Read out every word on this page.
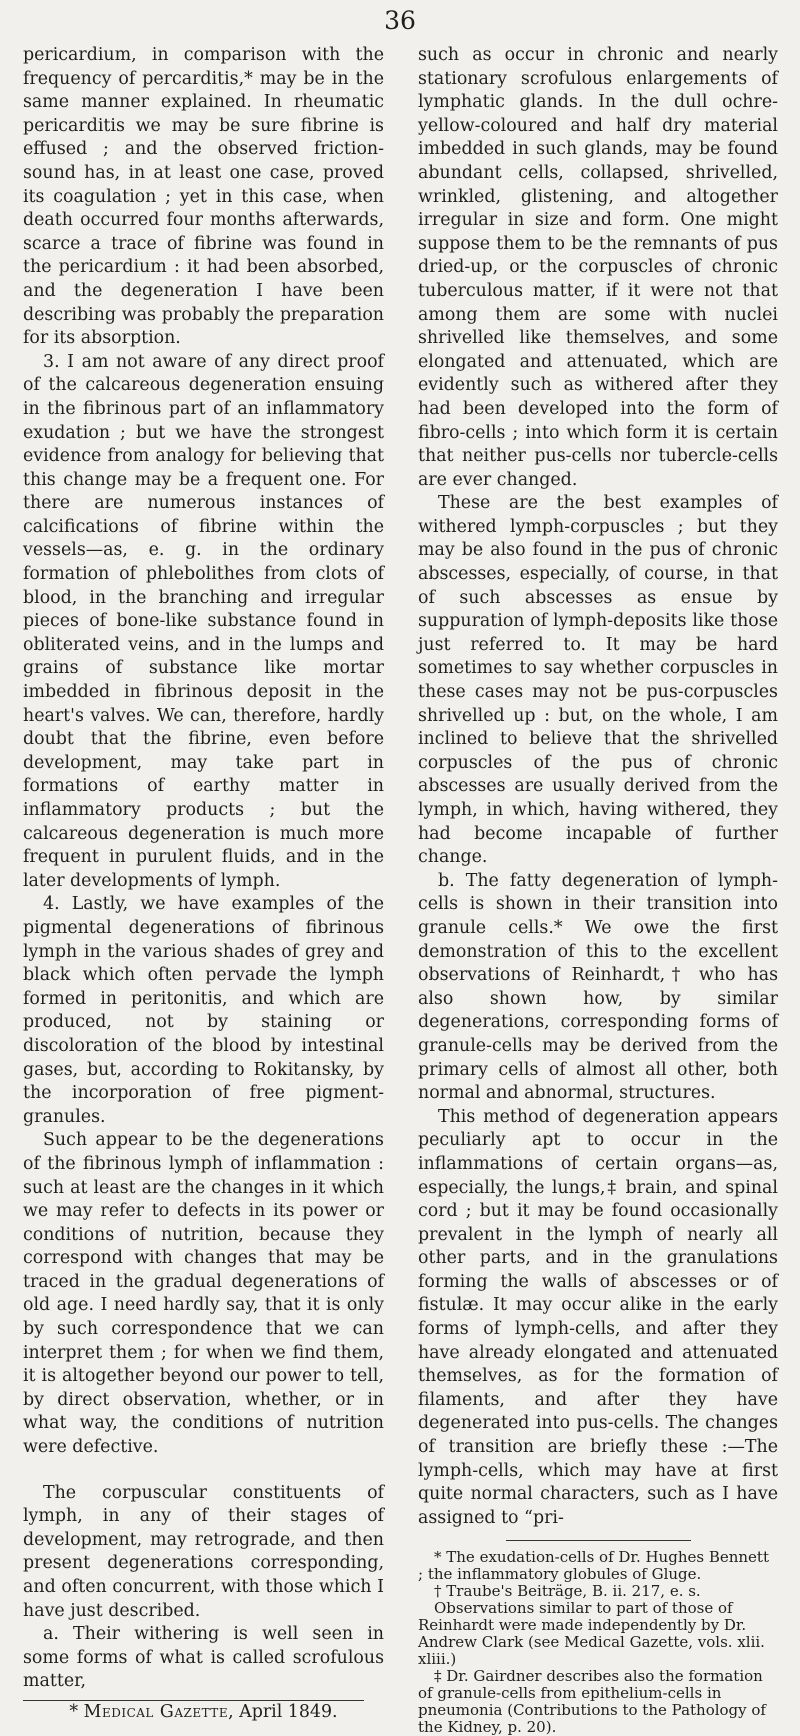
36

pericardium, in comparison with the frequency of percarditis,* may be in the same manner explained. In rheumatic pericarditis we may be sure fibrine is effused ; and the observed friction-sound has, in at least one case, proved its coagulation ; yet in this case, when death occurred four months afterwards, scarce a trace of fibrine was found in the pericardium : it had been absorbed, and the degeneration I have been describing was probably the preparation for its absorption.

3. I am not aware of any direct proof of the calcareous degeneration ensuing in the fibrinous part of an inflammatory exudation ; but we have the strongest evidence from analogy for believing that this change may be a frequent one. For there are numerous instances of calcifications of fibrine within the vessels—as, e. g. in the ordinary formation of phlebolithes from clots of blood, in the branching and irregular pieces of bone-like substance found in obliterated veins, and in the lumps and grains of substance like mortar imbedded in fibrinous deposit in the heart's valves. We can, therefore, hardly doubt that the fibrine, even before development, may take part in formations of earthy matter in inflammatory products ; but the calcareous degeneration is much more frequent in purulent fluids, and in the later developments of lymph.

4. Lastly, we have examples of the pigmental degenerations of fibrinous lymph in the various shades of grey and black which often pervade the lymph formed in peritonitis, and which are produced, not by staining or discoloration of the blood by intestinal gases, but, according to Rokitansky, by the incorporation of free pigment-granules.

Such appear to be the degenerations of the fibrinous lymph of inflammation : such at least are the changes in it which we may refer to defects in its power or conditions of nutrition, because they correspond with changes that may be traced in the gradual degenerations of old age. I need hardly say, that it is only by such correspondence that we can interpret them ; for when we find them, it is altogether beyond our power to tell, by direct observation, whether, or in what way, the conditions of nutrition were defective.

The corpuscular constituents of lymph, in any of their stages of development, may retrograde, and then present degenerations corresponding, and often concurrent, with those which I have just described.

a. Their withering is well seen in some forms of what is called scrofulous matter,

* Medical Gazette, April 1849.

such as occur in chronic and nearly stationary scrofulous enlargements of lymphatic glands. In the dull ochre-yellow-coloured and half dry material imbedded in such glands, may be found abundant cells, collapsed, shrivelled, wrinkled, glistening, and altogether irregular in size and form. One might suppose them to be the remnants of pus dried-up, or the corpuscles of chronic tuberculous matter, if it were not that among them are some with nuclei shrivelled like themselves, and some elongated and attenuated, which are evidently such as withered after they had been developed into the form of fibro-cells ; into which form it is certain that neither pus-cells nor tubercle-cells are ever changed.

These are the best examples of withered lymph-corpuscles ; but they may be also found in the pus of chronic abscesses, especially, of course, in that of such abscesses as ensue by suppuration of lymph-deposits like those just referred to. It may be hard sometimes to say whether corpuscles in these cases may not be pus-corpuscles shrivelled up : but, on the whole, I am inclined to believe that the shrivelled corpuscles of the pus of chronic abscesses are usually derived from the lymph, in which, having withered, they had become incapable of further change.

b. The fatty degeneration of lymph-cells is shown in their transition into granule cells.* We owe the first demonstration of this to the excellent observations of Reinhardt,† who has also shown how, by similar degenerations, corresponding forms of granule-cells may be derived from the primary cells of almost all other, both normal and abnormal, structures.

This method of degeneration appears peculiarly apt to occur in the inflammations of certain organs—as, especially, the lungs,‡ brain, and spinal cord ; but it may be found occasionally prevalent in the lymph of nearly all other parts, and in the granulations forming the walls of abscesses or of fistulæ. It may occur alike in the early forms of lymph-cells, and after they have already elongated and attenuated themselves, as for the formation of filaments, and after they have degenerated into pus-cells. The changes of transition are briefly these :—The lymph-cells, which may have at first quite normal characters, such as I have assigned to “pri-

* The exudation-cells of Dr. Hughes Bennett ; the inflammatory globules of Gluge.

† Traube's Beiträge, B. ii. 217, e. s.

Observations similar to part of those of Reinhardt were made independently by Dr. Andrew Clark (see Medical Gazette, vols. xlii. xliii.)

‡ Dr. Gairdner describes also the formation of granule-cells from epithelium-cells in pneumonia (Contributions to the Pathology of the Kidney, p. 20).
